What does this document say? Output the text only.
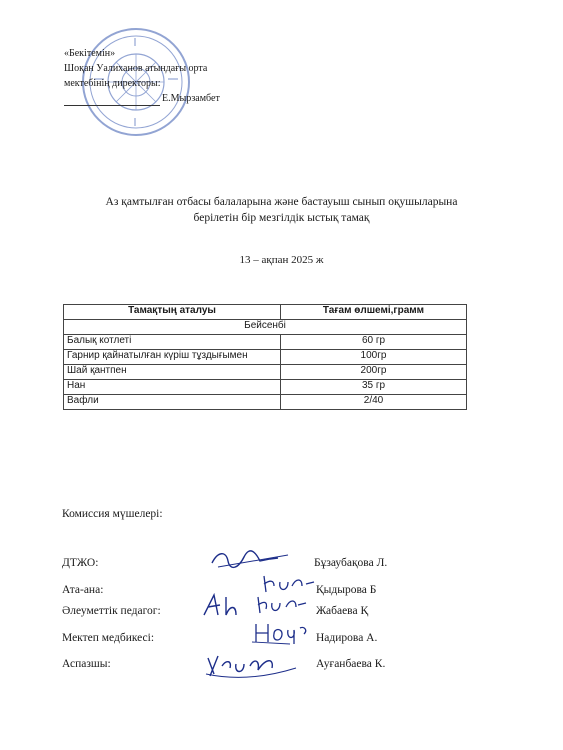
«Бекітемін»
Шоқан Уалиханов атындағы орта
мектебінің директоры:
Е.Мырзамбет
Аз қамтылған отбасы балаларына және бастауыш сынып оқушыларына
берілетін бір мезгілдік ыстық тамақ
13 – ақпан 2025 ж
Тамақтың аталуы	Тағам өлшемі,грамм
Бейсенбі	
Балық котлеті	60 гр
Гарнир қайнатылған күріш тұздығымен	100гр
Шай қантпен	200гр
Нан	35 гр
Вафли	2/40
Комиссия мүшелері:
ДТЖО:	Бұзаубақова Л.
Ата-ана:	Қыдырова Б
Әлеуметтік педагог:	Жабаева Қ
Мектеп медбикесі:	Надирова А.
Аспазшы:	Ауғанбаева К.
